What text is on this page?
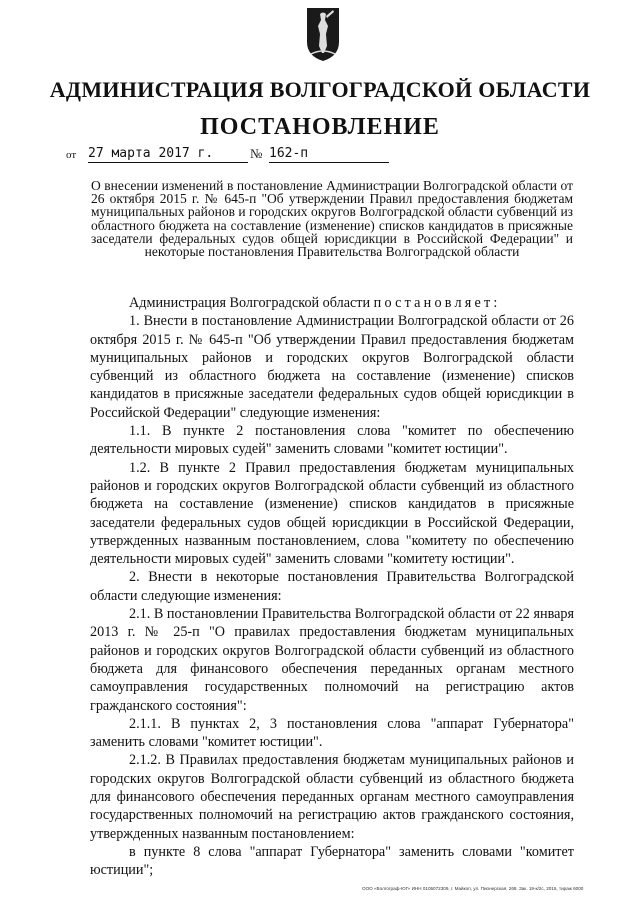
АДМИНИСТРАЦИЯ ВОЛГОГРАДСКОЙ ОБЛАСТИ
ПОСТАНОВЛЕНИЕ
от 27 марта 2017 г.	№ 162-п
О внесении изменений в постановление Администрации Волгоградской области от 26 октября 2015 г. № 645-п "Об утверждении Правил предоставления бюджетам муниципальных районов и городских округов Волгоградской области субвенций из областного бюджета на составление (изменение) списков кандидатов в присяжные заседатели федеральных судов общей юрисдикции в Российской Федерации" и некоторые постановления Правительства Волгоградской области

Администрация Волгоградской области постановляет:

1. Внести в постановление Администрации Волгоградской области от 26 октября 2015 г. № 645-п "Об утверждении Правил предоставления бюджетам муниципальных районов и городских округов Волгоградской области субвенций из областного бюджета на составление (изменение) списков кандидатов в присяжные заседатели федеральных судов общей юрисдикции в Российской Федерации" следующие изменения:

1.1. В пункте 2 постановления слова "комитет по обеспечению деятельности мировых судей" заменить словами "комитет юстиции".

1.2. В пункте 2 Правил предоставления бюджетам муниципальных районов и городских округов Волгоградской области субвенций из областного бюджета на составление (изменение) списков кандидатов в присяжные заседатели федеральных судов общей юрисдикции в Российской Федерации, утвержденных названным постановлением, слова "комитету по обеспечению деятельности мировых судей" заменить словами "комитету юстиции".

2. Внести в некоторые постановления Правительства Волгоградской области следующие изменения:

2.1. В постановлении Правительства Волгоградской области от 22 января 2013 г. № 25-п "О правилах предоставления бюджетам муниципальных районов и городских округов Волгоградской области субвенций из областного бюджета для финансового обеспечения переданных органам местного самоуправления государственных полномочий на регистрацию актов гражданского состояния":

2.1.1. В пунктах 2, 3 постановления слова "аппарат Губернатора" заменить словами "комитет юстиции".

2.1.2. В Правилах предоставления бюджетам муниципальных районов и городских округов Волгоградской области субвенций из областного бюджета для финансового обеспечения переданных органам местного самоуправления государственных полномочий на регистрацию актов гражданского состояния, утвержденных названным постановлением:

в пункте 8 слова "аппарат Губернатора" заменить словами "комитет юстиции";

ООО «Волгограф-ЮГ» ИНН 0105072309, г. Майкоп, ул. Пионерская, 268. Зак. 19-к/2с, 2015, тираж 6000
